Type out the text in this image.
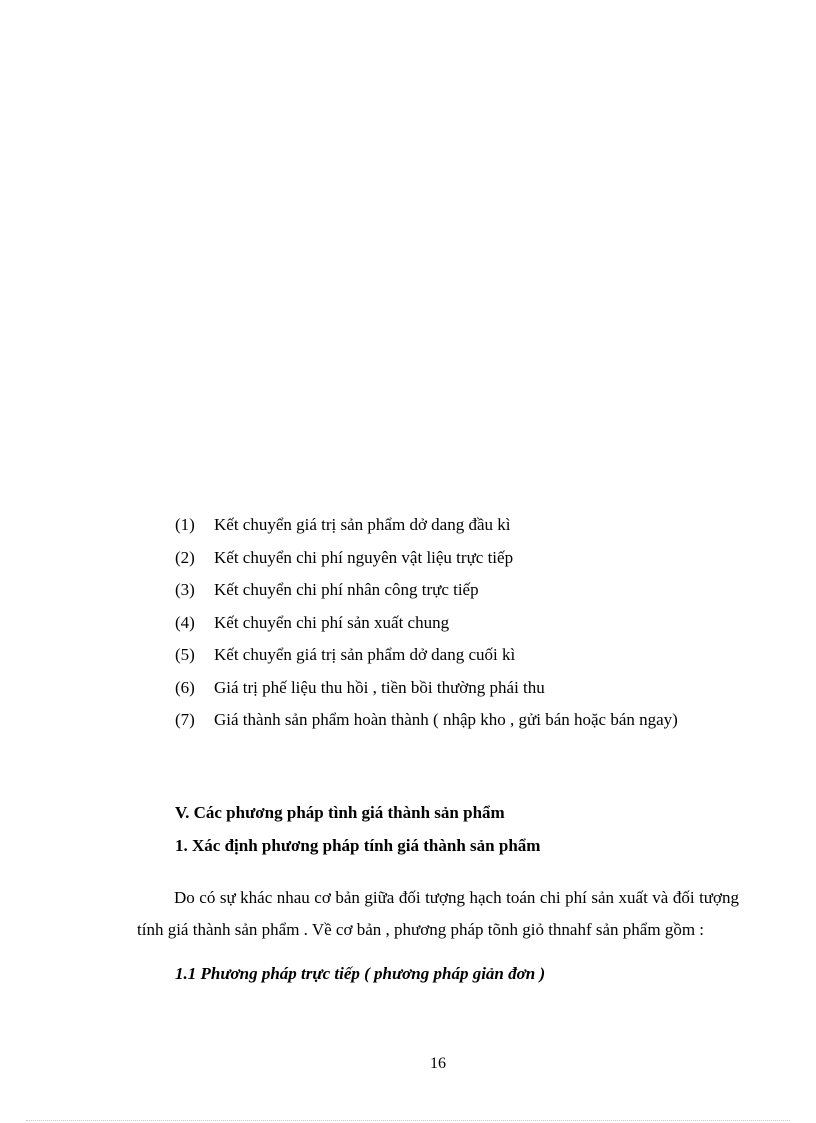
(1)	Kết chuyển giá trị sản phẩm dở dang đầu kì
(2)	Kết chuyển chi phí nguyên vật liệu trực tiếp
(3)	Kết chuyển chi phí nhân công trực tiếp
(4)	Kết chuyển chi phí sản xuất chung
(5)	Kết chuyển giá trị sản phẩm dở dang cuối kì
(6)	Giá trị phế liệu thu hồi , tiền bồi thường phái thu
(7)	Giá thành sản phẩm hoàn thành ( nhập kho , gửi bán hoặc bán ngay)
V. Các phương pháp tình giá thành sản phẩm
1. Xác định phương pháp tính giá thành sản phẩm

Do có sự khác nhau cơ bản giữa đối tượng hạch toán chi phí sản xuất và đối tượng tính giá thành sản phẩm . Về cơ bản , phương pháp tõnh giỏ thnahf sản phẩm gồm :

1.1 Phương pháp trực tiếp ( phương pháp giản đơn )
16
